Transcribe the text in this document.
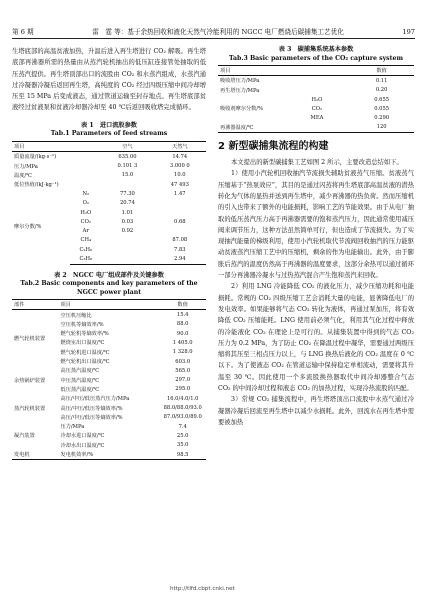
第 6 期	雷　霆 等：基于余热回收和液化天然气冷能利用的 NGCC 电厂燃烧后碳捕集工艺优化	197

生塔底部的高温贫液加热，升温后进入再生塔进行 CO₂ 解吸。再生塔底部再沸器所需的热量由从蒸汽轮机抽出的低压缸连接管处抽取的低压蒸汽提供。再生塔顶部出口的流股由 CO₂ 和水蒸汽组成，水蒸汽通过冷凝器冷凝后返回再生塔，高纯度的 CO₂ 经过四级压缩中间冷却增压至 15 MPa 后变成液态，通过管道运输至封存地点。再生塔底部贫液经过贫液泵和贫液冷却器冷却至 40 ℃后返回吸收塔完成循环。

表 1　进口流股参数

Tab.1 Parameters of feed streams

项目		空气	天然气
质量流量/(kg·s⁻¹)		635.00	14.74
压力/MPa		0.101 3	3.000 0
温度/℃		15.0	10.0
低位热值/(kJ·kg⁻¹)			47 493
摩尔分数/%	N₂	77.30	1.47
	O₂	20.74	
	H₂O	1.01	
	CO₂	0.03	0.68
	Ar	0.92	
	CH₄		87.08
	C₂H₆		7.83
	C₃H₈		2.94

表 2　NGCC 电厂组成部件及关键参数

Tab.2 Basic components and key parameters of the NGCC power plant

部件	项目	数值
燃气轮机装置	空压机压缩比	15.4
	空压机等熵效率/%	88.0
	燃气轮机等熵效率/%	90.0
	燃烧室出口温度/℃	1 405.0
	燃气轮机进口温度/℃	1 328.0
	燃气轮机出口温度/℃	603.0
余热锅炉装置	高压蒸汽温度/℃	565.0
	中压蒸汽温度/℃	297.0
	低压蒸汽温度/℃	295.0
蒸汽轮机装置	高压/中压/低压蒸汽压力/MPa	16.0/4.0/1.0
	高压/中压/低压等熵效率/%	88.0/88.0/93.0
	高压/中压/低压等熵效率/%	87.0/93.0/89.0
凝汽装置	压力/MPa	7.4
	冷却水进口温度/℃	25.0
	冷却水出口温度/℃	35.0
发电机	发电机效率/%	98.5

表 3　碳捕集系统基本参数

Tab.3 Basic parameters of the CO₂ capture system

项目		数值
吸收塔压力/MPa		0.11
再生塔压力/MPa		0.20
吸收剂摩尔分数/%	H₂O	0.655
	CO₂	0.055
	MEA	0.290
再沸器温度/℃		120

2 新型碳捕集流程的构建

本文提出的新型碳捕集工艺如图 2 所示，主要改造总结如下。

1）使用小汽轮机回收抽汽节流损失辅助贫液蒸气压缩。贫液蒸气压缩基于“热泵效应”，其目的是通过闪蒸将再生塔底部高温贫液的潜热转化为气体的显热并送到再生塔中，减少再沸器的热负荷。然而压缩机的引入也带来了额外的电能损耗，影响工艺的节能效果。由于从电厂抽取的低压蒸汽压力高于再沸器需要的饱和蒸汽压力，因此通常使用减压阀来调节压力，这种方法虽然简单可行，但也造成了节流损失。为了实现抽汽能量的梯级利用，使用小汽轮机取代节流阀回收抽汽的压力能驱动贫液蒸汽压缩工艺中的压缩机，剩余的作为电能输出。此外，由于膨胀后蒸汽的温度仍然高于再沸器的温度要求，这部分余热可以通过循环一部分再沸器冷凝水与过热蒸汽混合产生饱和蒸汽来回收。

2）利用 LNG 冷能降低 CO₂ 的液化压力，减少压缩功耗和电能损耗。常规的 CO₂ 四级压缩工艺会消耗大量的电能，显著降低电厂的发电效率。如果能够将气态 CO₂ 转化为液体，再通过泵加压，将有效降低 CO₂ 压缩能耗。LNG 使用前必须气化，利用其气化过程中释放的冷能液化 CO₂ 在理论上是可行的。从捕集装置中得到的气态 CO₂ 压力为 0.2 MPa，为了防止 CO₂ 在降温过程中凝华，需要通过两级压缩将其压至三相点压力以上，与 LNG 换热后液化的 CO₂ 温度在 0 ℃以下。为了使液态 CO₂ 在管道运输中保持稳定单相流动，需要将其升温至 30 ℃。因此使用一个多流股换热器取代中间冷却器整合气态 CO₂ 的中间冷却过程和液态 CO₂ 的加热过程，实现冷热流股的匹配。

3）常规 CO₂ 捕集流程中，再生塔塔顶出口流股中水蒸气通过冷凝器冷凝后回流至再生塔中以减少水损耗。此外，回流水在再生塔中需要被加热

http://tlfd.cbpt.cnki.net
